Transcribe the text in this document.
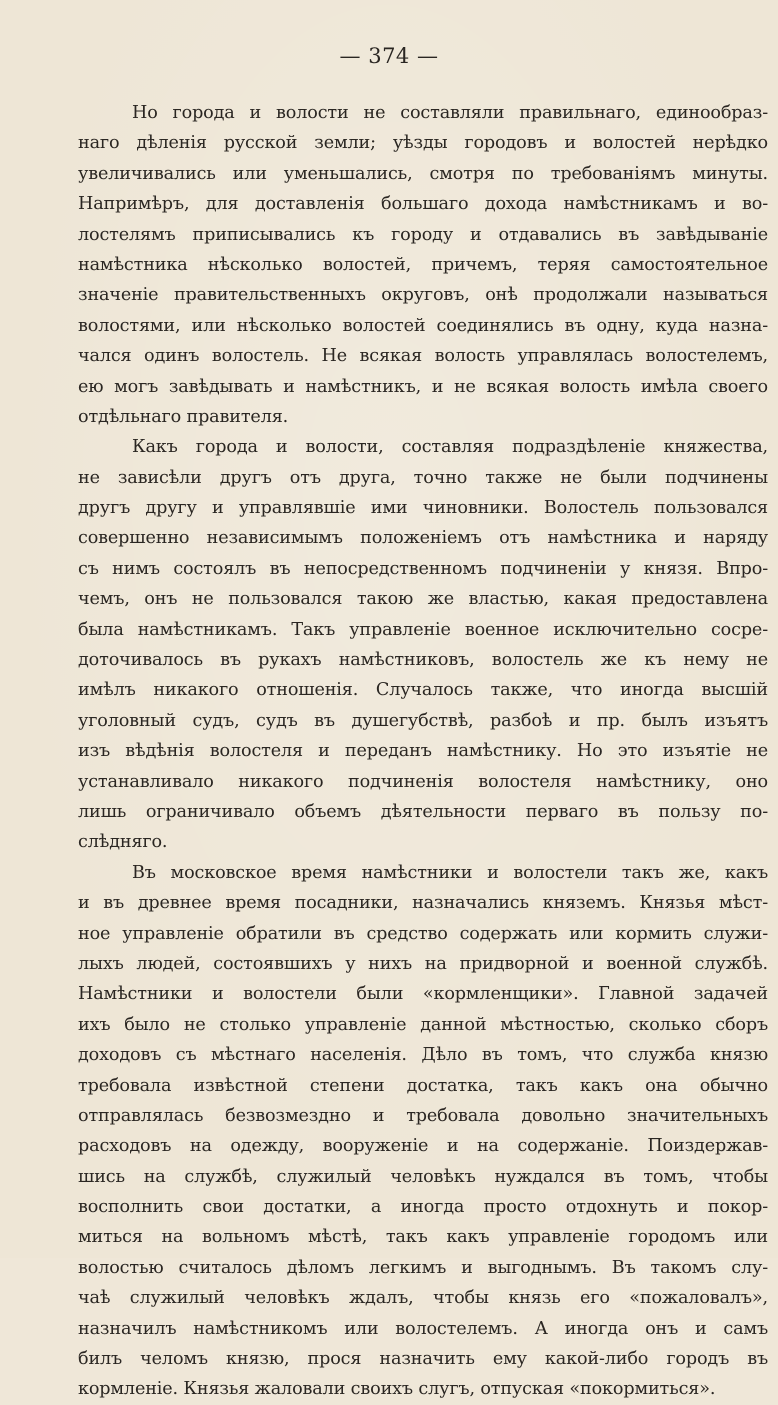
— 374 —
Но города и волости не составляли правильнаго, единообраз-
наго дѣленія русской земли; уѣзды городовъ и волостей нерѣдко
увеличивались или уменьшались, смотря по требованіямъ минуты.
Напримѣръ, для доставленія большаго дохода намѣстникамъ и во-
лостелямъ приписывались къ городу и отдавались въ завѣдываніе
намѣстника нѣсколько волостей, причемъ, теряя самостоятельное
значеніе правительственныхъ округовъ, онѣ продолжали называться
волостями, или нѣсколько волостей соединялись въ одну, куда назна-
чался одинъ волостель. Не всякая волость управлялась волостелемъ,
ею могъ завѣдывать и намѣстникъ, и не всякая волость имѣла своего
отдѣльнаго правителя.
Какъ города и волости, составляя подраздѣленіе княжества,
не зависѣли другъ отъ друга, точно также не были подчинены
другъ другу и управлявшіе ими чиновники. Волостель пользовался
совершенно независимымъ положеніемъ отъ намѣстника и наряду
съ нимъ состоялъ въ непосредственномъ подчиненіи у князя. Впро-
чемъ, онъ не пользовался такою же властью, какая предоставлена
была намѣстникамъ. Такъ управленіе военное исключительно сосре-
доточивалось въ рукахъ намѣстниковъ, волостель же къ нему не
имѣлъ никакого отношенія. Случалось также, что иногда высшій
уголовный судъ, судъ въ душегубствѣ, разбоѣ и пр. былъ изъятъ
изъ вѣдѣнія волостеля и переданъ намѣстнику. Но это изъятіе не
устанавливало никакого подчиненія волостеля намѣстнику, оно
лишь ограничивало объемъ дѣятельности перваго въ пользу по-
слѣдняго.
Въ московское время намѣстники и волостели такъ же, какъ
и въ древнее время посадники, назначались княземъ. Князья мѣст-
ное управленіе обратили въ средство содержать или кормить служи-
лыхъ людей, состоявшихъ у нихъ на придворной и военной службѣ.
Намѣстники и волостели были «кормленщики». Главной задачей
ихъ было не столько управленіе данной мѣстностью, сколько сборъ
доходовъ съ мѣстнаго населенія. Дѣло въ томъ, что служба князю
требовала извѣстной степени достатка, такъ какъ она обычно
отправлялась безвозмездно и требовала довольно значительныхъ
расходовъ на одежду, вооруженіе и на содержаніе. Поиздержав-
шись на службѣ, служилый человѣкъ нуждался въ томъ, чтобы
восполнить свои достатки, а иногда просто отдохнуть и покор-
миться на вольномъ мѣстѣ, такъ какъ управленіе городомъ или
волостью считалось дѣломъ легкимъ и выгоднымъ. Въ такомъ слу-
чаѣ служилый человѣкъ ждалъ, чтобы князь его «пожаловалъ»,
назначилъ намѣстникомъ или волостелемъ. А иногда онъ и самъ
билъ челомъ князю, прося назначить ему какой-либо городъ въ
кормленіе. Князья жаловали своихъ слугъ, отпуская «покормиться».
